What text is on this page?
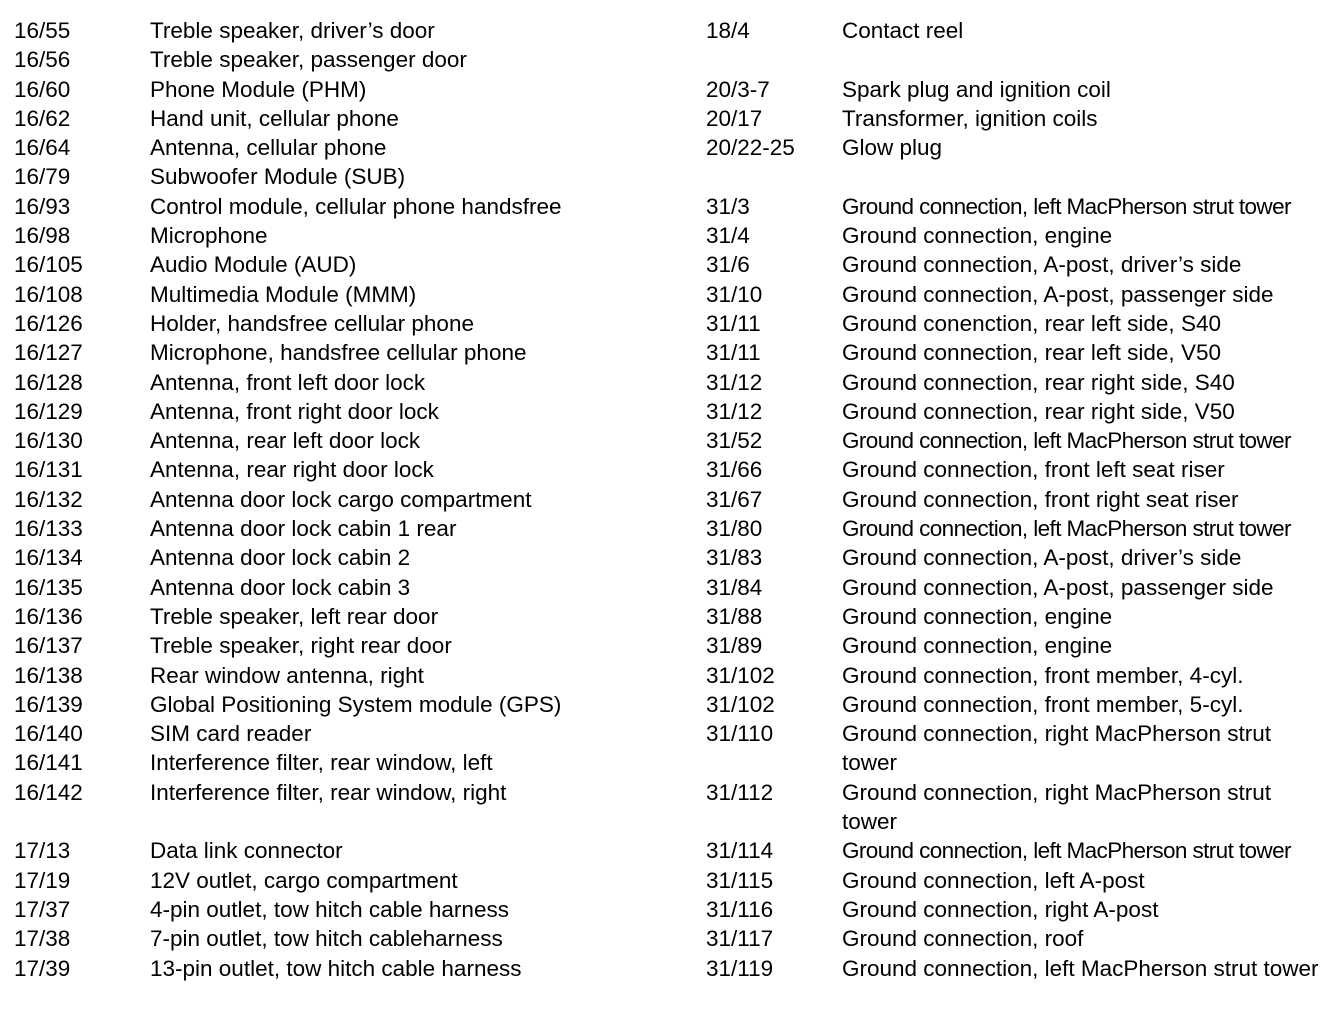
16/55	Treble speaker, driver’s door
16/56	Treble speaker, passenger door
16/60	Phone Module (PHM)
16/62	Hand unit, cellular phone
16/64	Antenna, cellular phone
16/79	Subwoofer Module (SUB)
16/93	Control module, cellular phone handsfree
16/98	Microphone
16/105	Audio Module (AUD)
16/108	Multimedia Module (MMM)
16/126	Holder, handsfree cellular phone
16/127	Microphone, handsfree cellular phone
16/128	Antenna, front left door lock
16/129	Antenna, front right door lock
16/130	Antenna, rear left door lock
16/131	Antenna, rear right door lock
16/132	Antenna door lock cargo compartment
16/133	Antenna door lock cabin 1 rear
16/134	Antenna door lock cabin 2
16/135	Antenna door lock cabin 3
16/136	Treble speaker, left rear door
16/137	Treble speaker, right rear door
16/138	Rear window antenna, right
16/139	Global Positioning System module (GPS)
16/140	SIM card reader
16/141	Interference filter, rear window, left
16/142	Interference filter, rear window, right
17/13	Data link connector
17/19	12V outlet, cargo compartment
17/37	4-pin outlet, tow hitch cable harness
17/38	7-pin outlet, tow hitch cableharness
17/39	13-pin outlet, tow hitch cable harness
18/4	Contact reel
20/3-7	Spark plug and ignition coil
20/17	Transformer, ignition coils
20/22-25 Glow plug
31/3	Ground connection, left MacPherson strut tower
31/4	Ground connection, engine
31/6	Ground connection, A-post, driver’s side
31/10	Ground connection, A-post, passenger side
31/11	Ground conenction, rear left side, S40
31/11	Ground connection, rear left side, V50
31/12	Ground connection, rear right side, S40
31/12	Ground connection, rear right side, V50
31/52	Ground connection, left MacPherson strut tower
31/66	Ground connection, front left seat riser
31/67	Ground connection, front right seat riser
31/80	Ground connection, left MacPherson strut tower
31/83	Ground connection, A-post, driver’s side
31/84	Ground connection, A-post, passenger side
31/88	Ground connection, engine
31/89	Ground connection, engine
31/102	Ground connection, front member, 4-cyl.
31/102	Ground connection, front member, 5-cyl.
31/110	Ground connection, right MacPherson strut tower
31/112	Ground connection, right MacPherson strut tower
31/114	Ground connection, left MacPherson strut tower
31/115	Ground connection, left A-post
31/116	Ground connection, right A-post
31/117	Ground connection, roof
31/119	Ground connection, left MacPherson strut tower
